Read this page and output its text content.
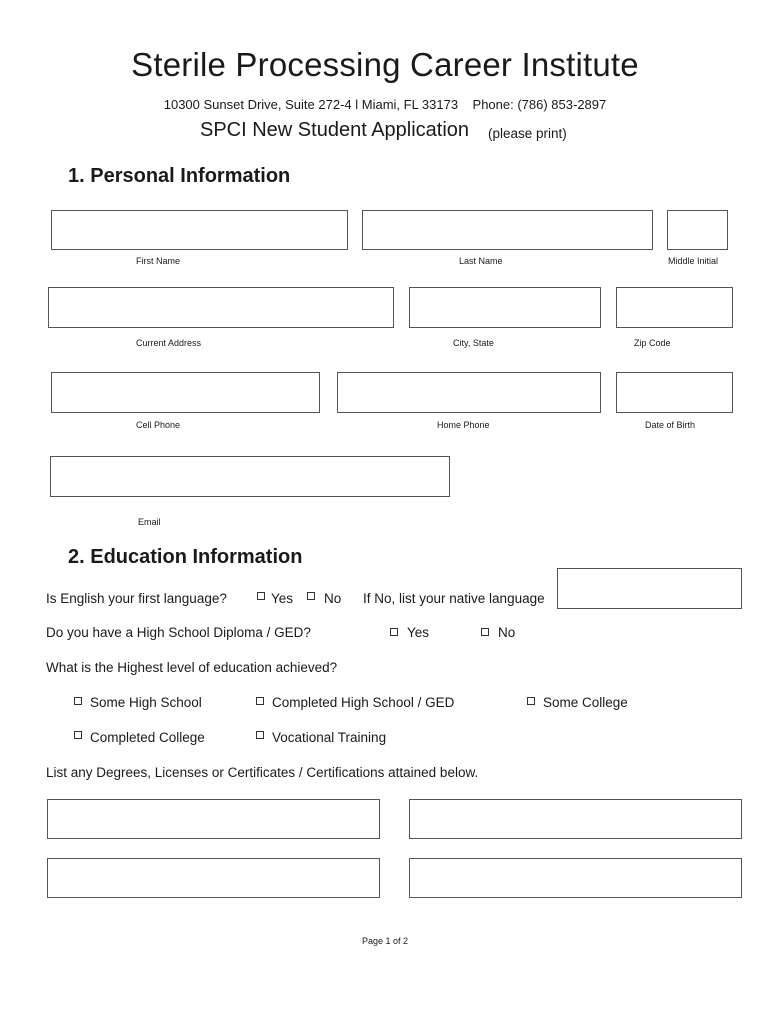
Sterile Processing Career Institute
10300 Sunset Drive, Suite 272-4 l Miami, FL 33173    Phone: (786) 853-2897
SPCI New Student Application (please print)
1. Personal Information
First Name	Last Name	Middle Initial
Current Address	City, State	Zip Code
Cell Phone	Home Phone	Date of Birth
Email
2. Education Information
Is English your first language?	Yes No If No, list your native language
Do you have a High School Diploma / GED?	Yes	No
What is the Highest level of education achieved?
Some High School	Completed High School / GED	Some College
Completed College	Vocational Training
List any Degrees, Licenses or Certificates / Certifications attained below.
Page 1 of 2
